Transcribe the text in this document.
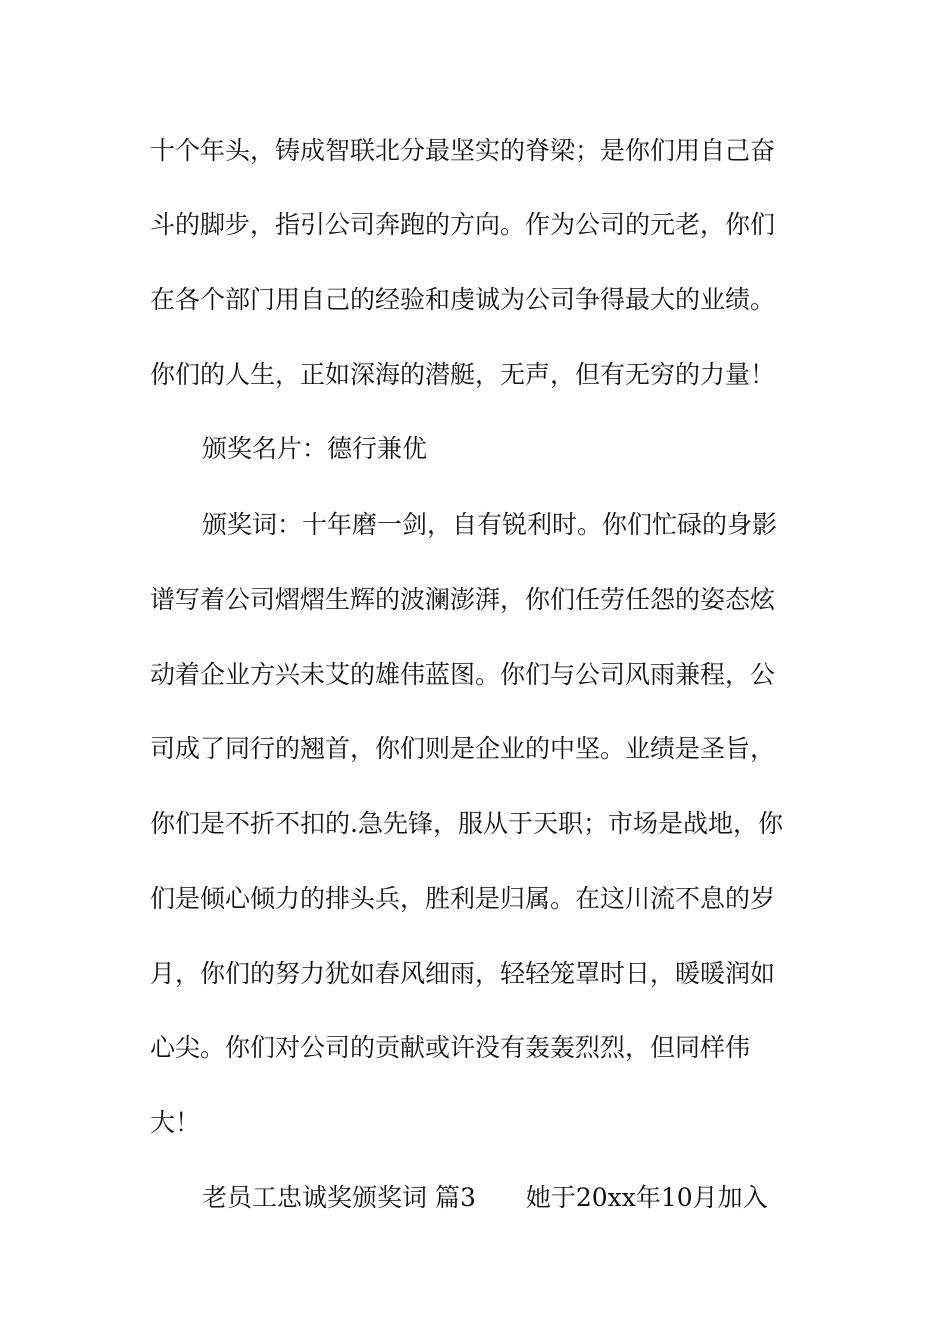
十个年头，铸成智联北分最坚实的脊梁；是你们用自己奋
斗的脚步，指引公司奔跑的方向。作为公司的元老，你们
在各个部门用自己的经验和虔诚为公司争得最大的业绩。
你们的人生，正如深海的潜艇，无声，但有无穷的力量！
颁奖名片：德行兼优
颁奖词：十年磨一剑，自有锐利时。你们忙碌的身影
谱写着公司熠熠生辉的波澜澎湃，你们任劳任怨的姿态炫
动着企业方兴未艾的雄伟蓝图。你们与公司风雨兼程，公
司成了同行的翘首，你们则是企业的中坚。业绩是圣旨，
你们是不折不扣的.急先锋，服从于天职；市场是战地，你
们是倾心倾力的排头兵，胜利是归属。在这川流不息的岁
月，你们的努力犹如春风细雨，轻轻笼罩时日，暖暖润如
心尖。你们对公司的贡献或许没有轰轰烈烈，但同样伟
大！
老员工忠诚奖颁奖词 篇3　　她于20xx年10月加入
